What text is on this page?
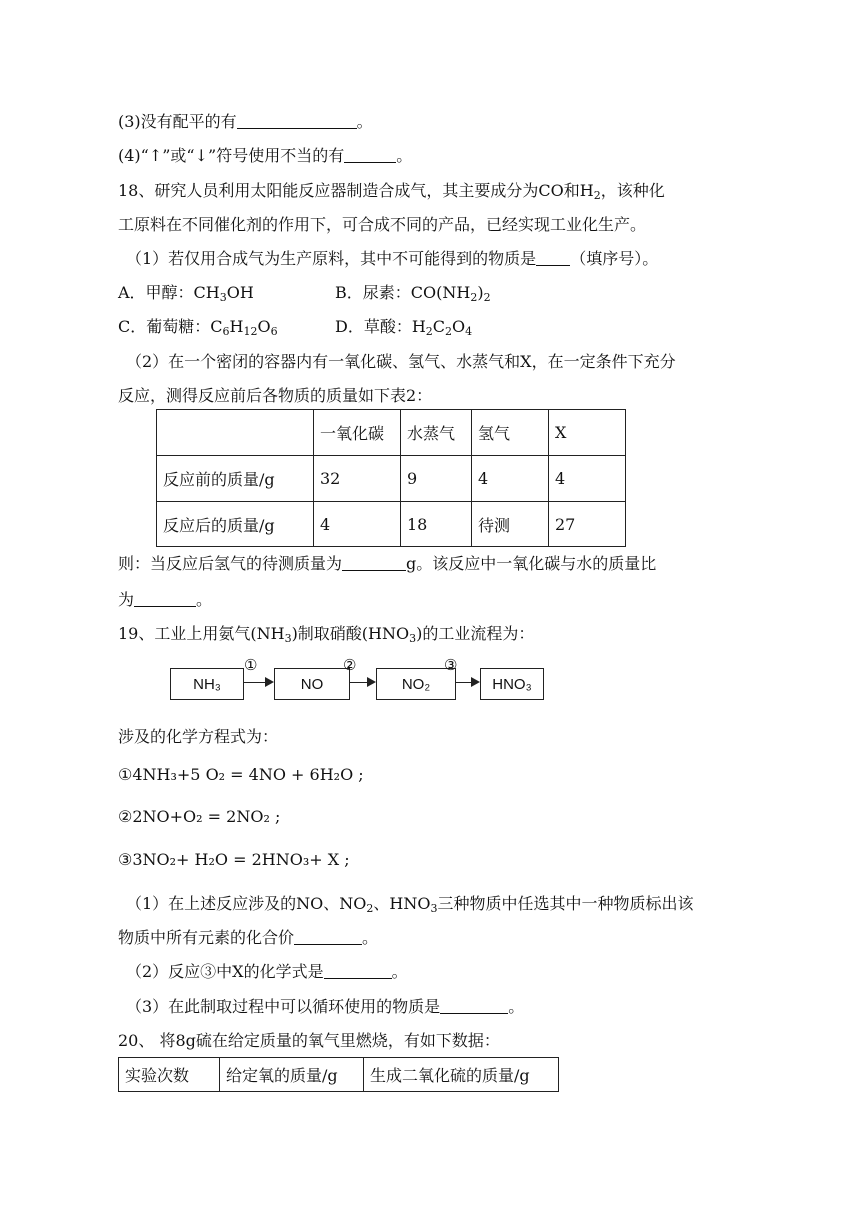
(3)没有配平的有	。
(4)“↑”或“↓”符号使用不当的有	。
18、研究人员利用太阳能反应器制造合成气，其主要成分为CO和$H_2$，该种化
工原料在不同催化剂的作用下，可合成不同的产品，已经实现工业化生产。
（1）若仅用合成气为生产原料，其中不可能得到的物质是 （填序号）。
A．甲醇：$CH_3OH$	B．尿素：$CO(NH_2)_2$
C．葡萄糖：$C_6H_{12}O_6$	D．草酸：$H_2C_2O_4$
（2）在一个密闭的容器内有一氧化碳、氢气、水蒸气和X，在一定条件下充分
反应，测得反应前后各物质的质量如下表2：
	一氧化碳	水蒸气	氢气	X
反应前的质量/g	32	9	4	4
反应后的质量/g	4	18	待测	27
则：当反应后氢气的待测质量为	g。该反应中一氧化碳与水的质量比
为	。
19、工业上用氨气$(NH_3)$制取硝酸$(HNO_3)$的工业流程为：
NH₃
①
NO
②
NO₂
③
HNO₃
涉及的化学方程式为：
①4NH₃+5 O₂ = 4NO + 6H₂O ;
②2NO+O₂ = 2NO₂ ;
③3NO₂+ H₂O = 2HNO₃+ X ;
（1）在上述反应涉及的NO、$NO_2$、$HNO_3$三种物质中任选其中一种物质标出该
物质中所有元素的化合价	。
（2）反应③中X的化学式是	。
（3）在此制取过程中可以循环使用的物质是	。
20、 将8g硫在给定质量的氧气里燃烧，有如下数据：
实验次数	给定氧的质量/g	生成二氧化硫的质量/g
